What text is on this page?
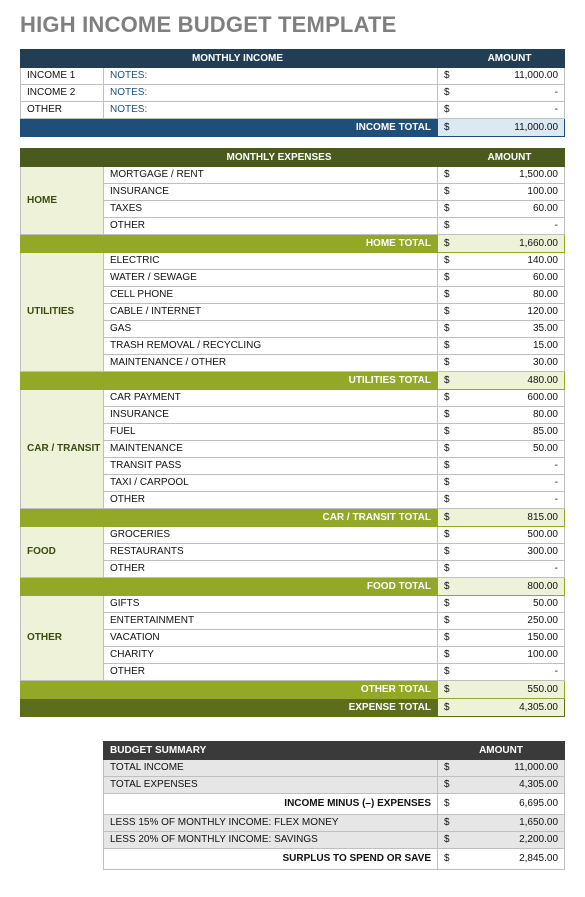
HIGH INCOME BUDGET TEMPLATE
MONTHLY INCOME			AMOUNT
INCOME 1	NOTES:	$	11,000.00
INCOME 2	NOTES:	$	-
OTHER	NOTES:	$	-
INCOME TOTAL		$	11,000.00
	MONTHLY EXPENSES		AMOUNT
HOME	MORTGAGE / RENT	$	1,500.00
	INSURANCE	$	100.00
	TAXES	$	60.00
	OTHER	$	-
HOME TOTAL		$	1,660.00
UTILITIES	ELECTRIC	$	140.00
	WATER / SEWAGE	$	60.00
	CELL PHONE	$	80.00
	CABLE / INTERNET	$	120.00
	GAS	$	35.00
	TRASH REMOVAL / RECYCLING	$	15.00
	MAINTENANCE / OTHER	$	30.00
UTILITIES TOTAL		$	480.00
CAR / TRANSIT	CAR PAYMENT	$	600.00
	INSURANCE	$	80.00
	FUEL	$	85.00
	MAINTENANCE	$	50.00
	TRANSIT PASS	$	-
	TAXI / CARPOOL	$	-
	OTHER	$	-
CAR / TRANSIT TOTAL		$	815.00
FOOD	GROCERIES	$	500.00
	RESTAURANTS	$	300.00
	OTHER	$	-
FOOD TOTAL		$	800.00
OTHER	GIFTS	$	50.00
	ENTERTAINMENT	$	250.00
	VACATION	$	150.00
	CHARITY	$	100.00
	OTHER	$	-
OTHER TOTAL		$	550.00
EXPENSE TOTAL		$	4,305.00
BUDGET SUMMARY	AMOUNT	
TOTAL INCOME	$	11,000.00
TOTAL EXPENSES	$	4,305.00
INCOME MINUS (–) EXPENSES	$	6,695.00
LESS 15% OF MONTHLY INCOME: FLEX MONEY	$	1,650.00
LESS 20% OF MONTHLY INCOME: SAVINGS	$	2,200.00
SURPLUS TO SPEND OR SAVE	$	2,845.00
